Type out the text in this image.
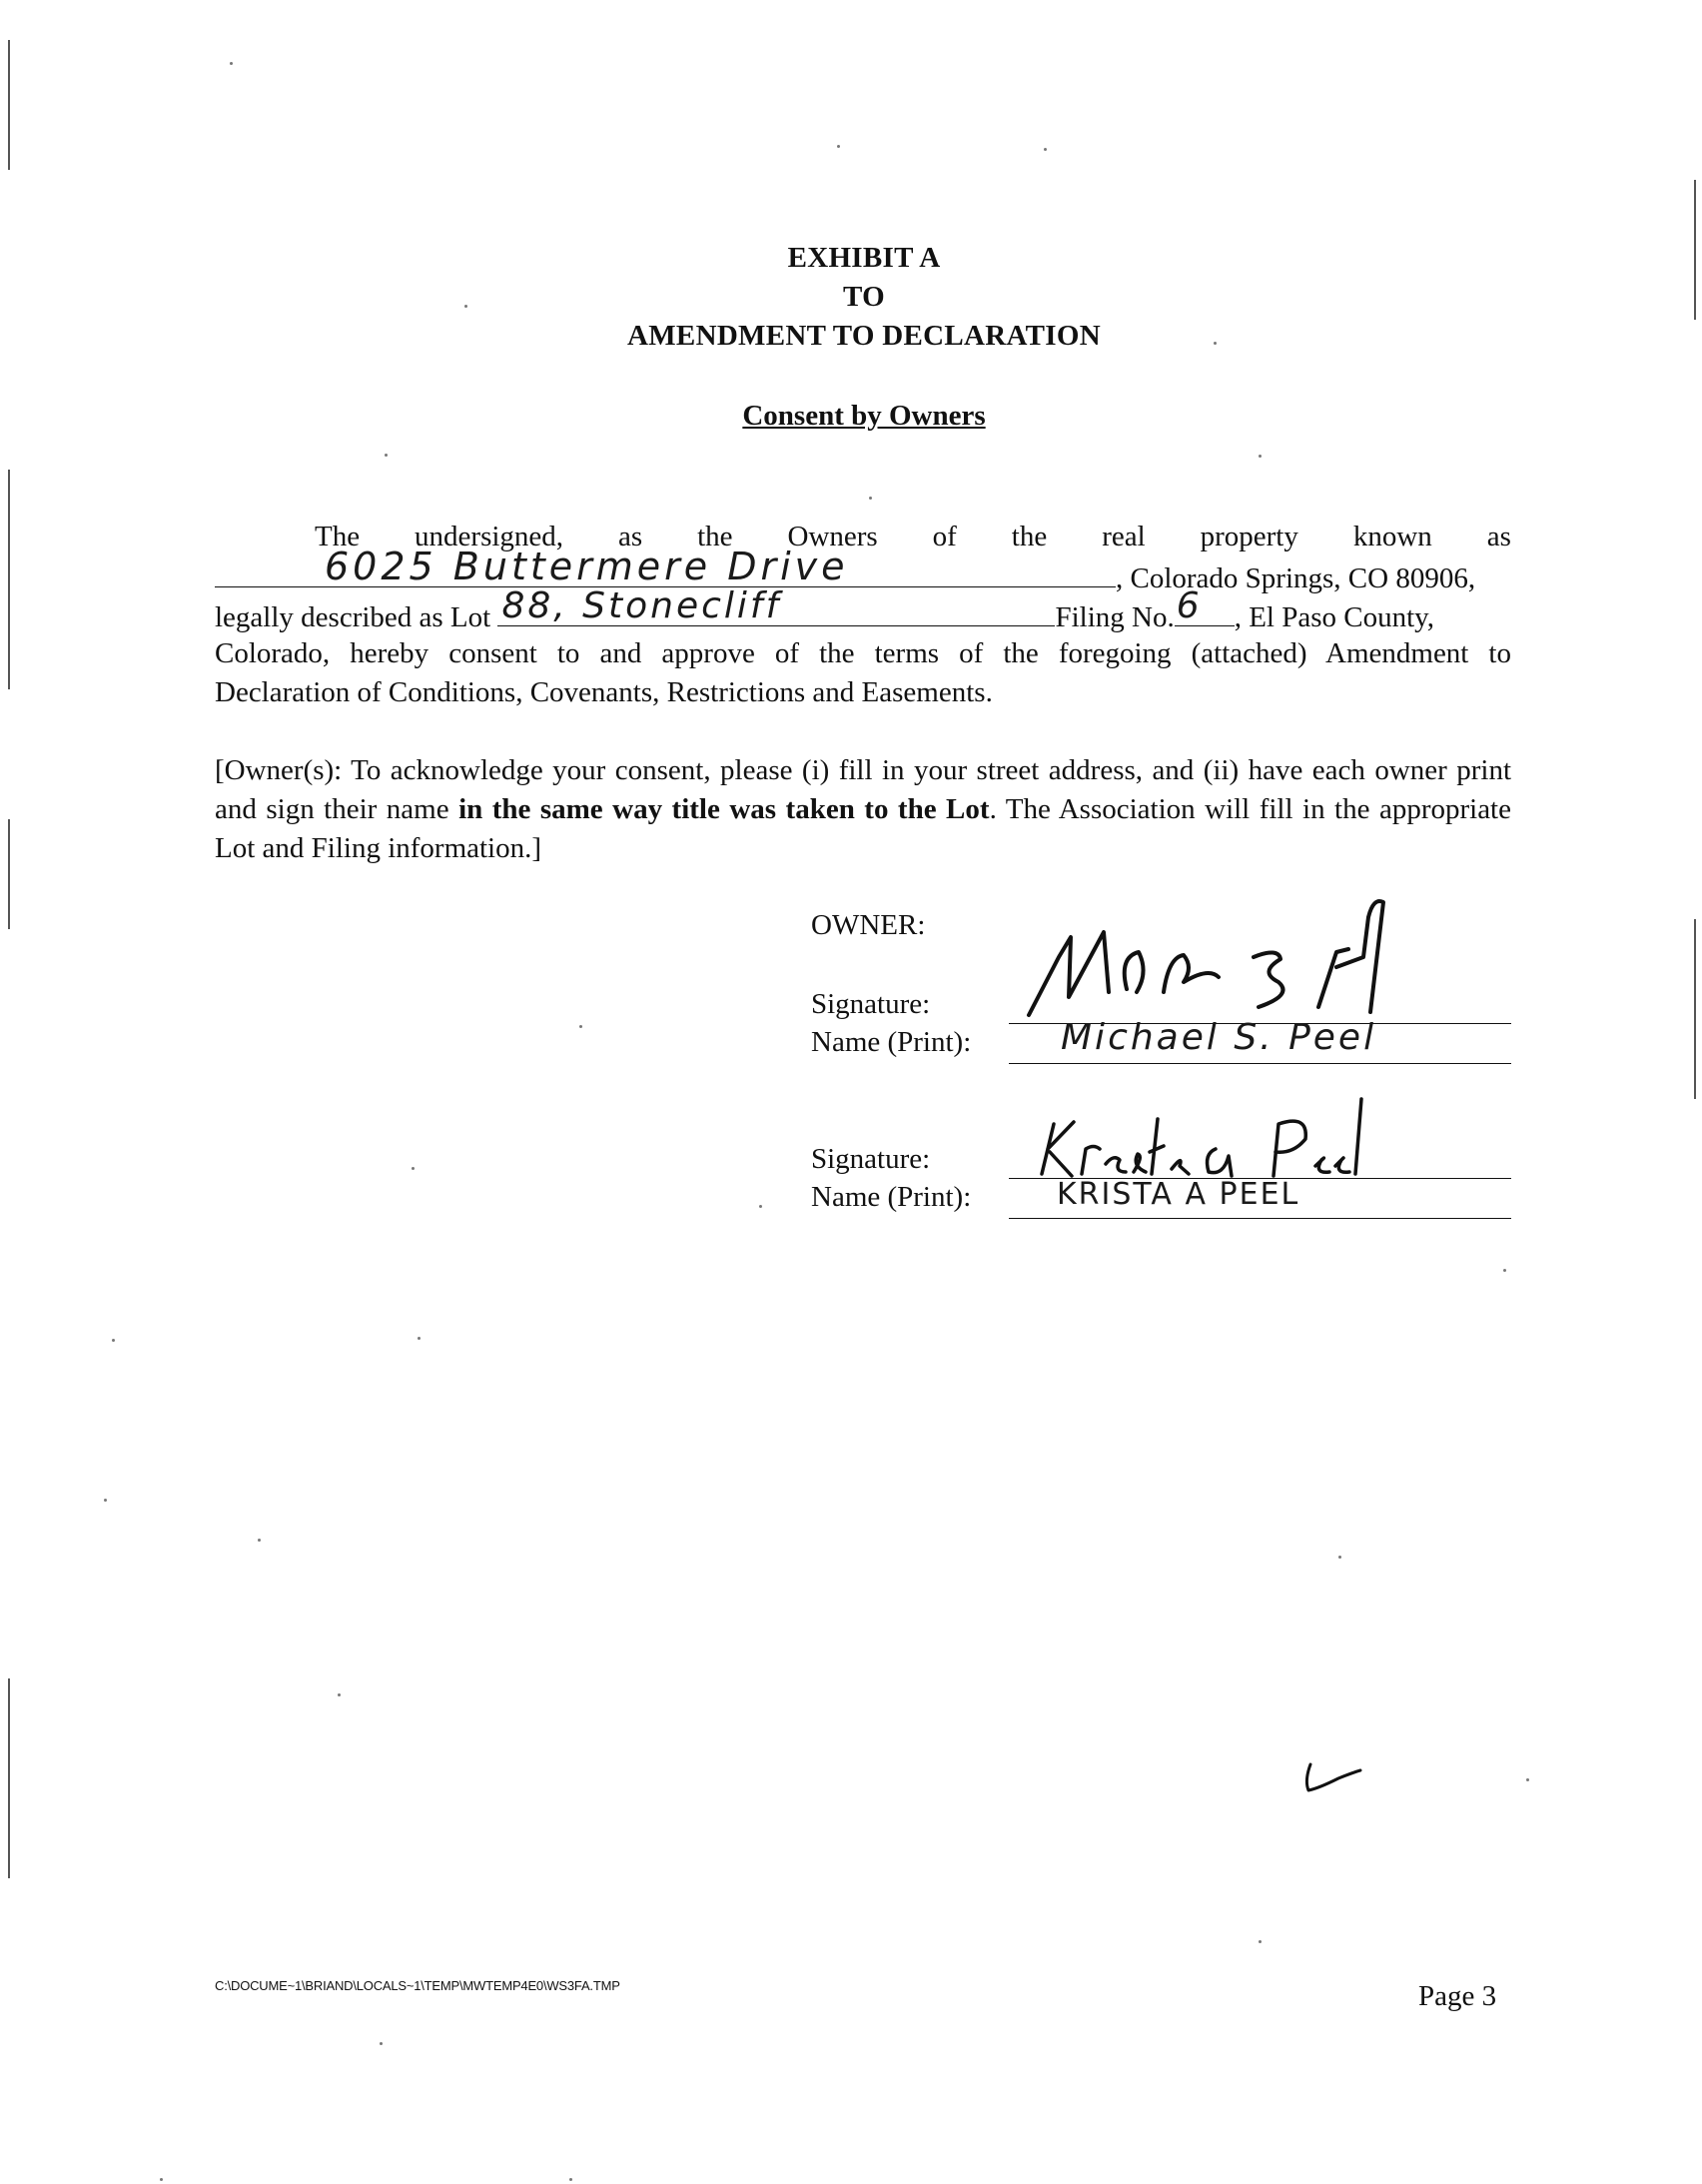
EXHIBIT A
TO
AMENDMENT TO DECLARATION
Consent by Owners
The undersigned, as the Owners of the real property known as
6025 Buttermere Drive	, Colorado Springs, CO 80906,
legally described as Lot 88, Stonecliff	Filing No. 6 , El Paso County,
Colorado, hereby consent to and approve of the terms of the foregoing (attached) Amendment to
Declaration of Conditions, Covenants, Restrictions and Easements.
[Owner(s): To acknowledge your consent, please (i) fill in your street address, and (ii) have each owner print and sign their name in the same way title was taken to the Lot. The Association will fill in the appropriate Lot and Filing information.]
OWNER:
Signature:
Name (Print): Michael S. Peel
Signature:
Name (Print):	KRISTA A PEEL
C:\DOCUME~1\BRIAND\LOCALS~1\TEMP\MWTEMP4E0\WS3FA.TMP	Page 3
